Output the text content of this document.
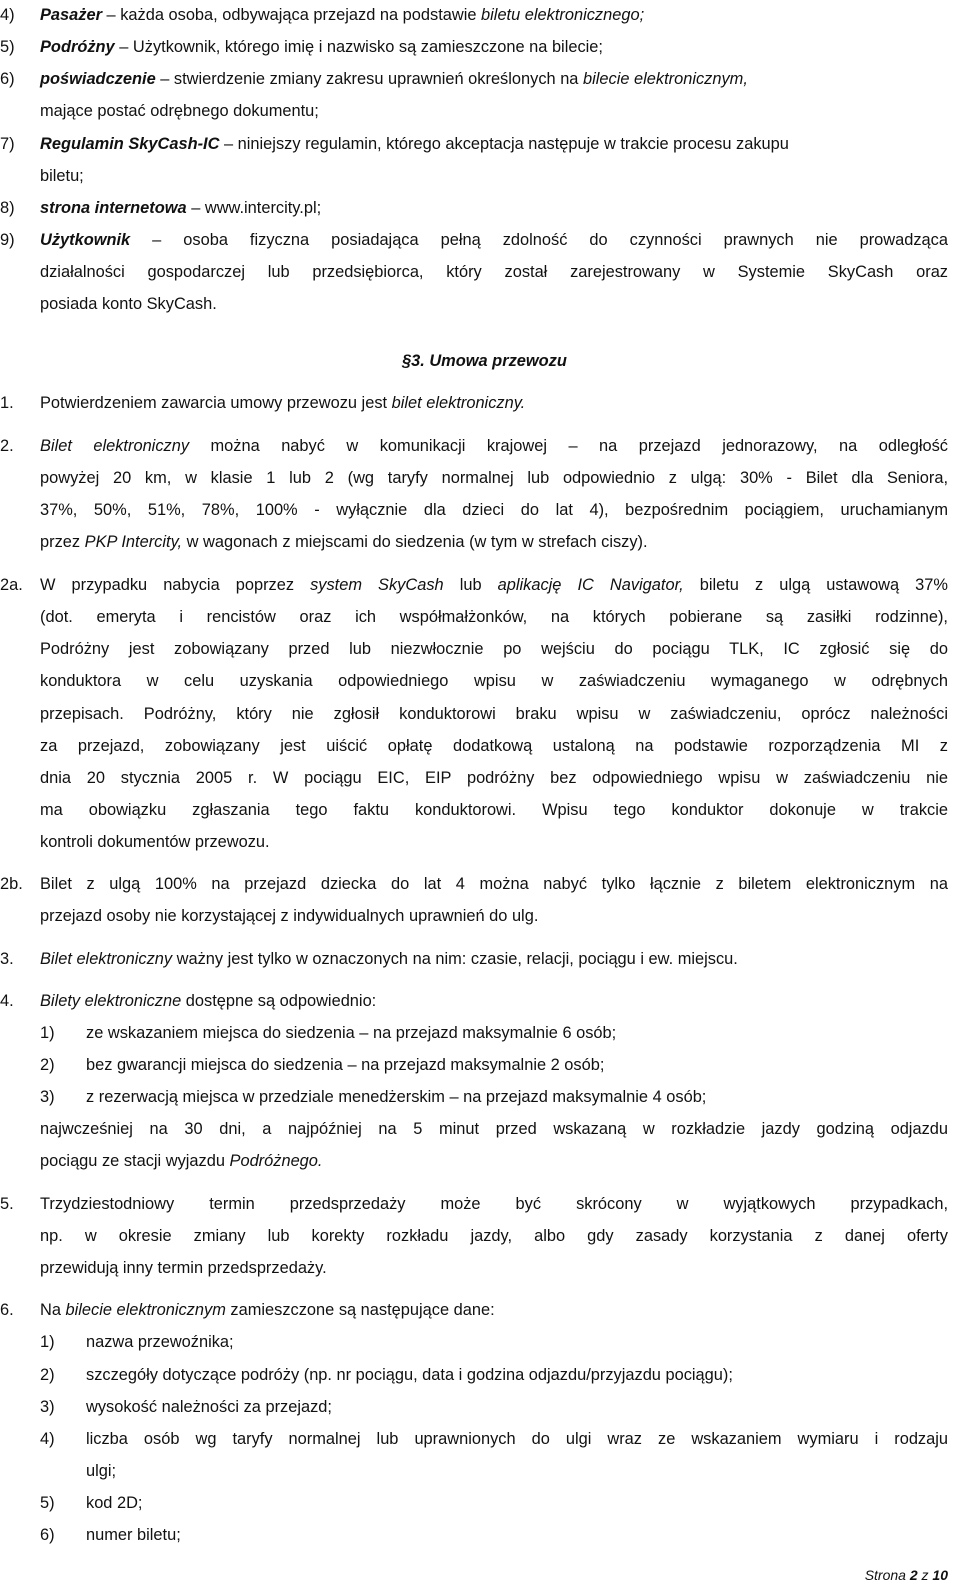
4) Pasażer – każda osoba, odbywająca przejazd na podstawie biletu elektronicznego;
5) Podróżny – Użytkownik, którego imię i nazwisko są zamieszczone na bilecie;
6) poświadczenie – stwierdzenie zmiany zakresu uprawnień określonych na bilecie elektronicznym,
mające postać odrębnego dokumentu;
7) Regulamin SkyCash-IC – niniejszy regulamin, którego akceptacja następuje w trakcie procesu zakupu
biletu;
8) strona internetowa – www.intercity.pl;
9) Użytkownik – osoba fizyczna posiadająca pełną zdolność do czynności prawnych nie prowadząca
działalności gospodarczej lub przedsiębiorca, który został zarejestrowany w Systemie SkyCash oraz
posiada konto SkyCash.
§3. Umowa przewozu
1. Potwierdzeniem zawarcia umowy przewozu jest bilet elektroniczny.
2. Bilet elektroniczny można nabyć w komunikacji krajowej – na przejazd jednorazowy, na odległość
powyżej 20 km, w klasie 1 lub 2 (wg taryfy normalnej lub odpowiednio z ulgą: 30% - Bilet dla Seniora,
37%, 50%, 51%, 78%, 100% - wyłącznie dla dzieci do lat 4), bezpośrednim pociągiem, uruchamianym
przez PKP Intercity, w wagonach z miejscami do siedzenia (w tym w strefach ciszy).
2a. W przypadku nabycia poprzez system SkyCash lub aplikację IC Navigator, biletu z ulgą ustawową 37%
(dot. emeryta i rencistów oraz ich współmałżonków, na których pobierane są zasiłki rodzinne),
Podróżny jest zobowiązany przed lub niezwłocznie po wejściu do pociągu TLK, IC zgłosić się do
konduktora w celu uzyskania odpowiedniego wpisu w zaświadczeniu wymaganego w odrębnych
przepisach. Podróżny, który nie zgłosił konduktorowi braku wpisu w zaświadczeniu, oprócz należności
za przejazd, zobowiązany jest uiścić opłatę dodatkową ustaloną na podstawie rozporządzenia MI z
dnia 20 stycznia 2005 r. W pociągu EIC, EIP podróżny bez odpowiedniego wpisu w zaświadczeniu nie
ma obowiązku zgłaszania tego faktu konduktorowi. Wpisu tego konduktor dokonuje w trakcie
kontroli dokumentów przewozu.
2b. Bilet z ulgą 100% na przejazd dziecka do lat 4 można nabyć tylko łącznie z biletem elektronicznym na
przejazd osoby nie korzystającej z indywidualnych uprawnień do ulg.
3. Bilet elektroniczny ważny jest tylko w oznaczonych na nim: czasie, relacji, pociągu i ew. miejscu.
4. Bilety elektroniczne dostępne są odpowiednio:
1) ze wskazaniem miejsca do siedzenia – na przejazd maksymalnie 6 osób;
2) bez gwarancji miejsca do siedzenia – na przejazd maksymalnie 2 osób;
3) z rezerwacją miejsca w przedziale menedżerskim – na przejazd maksymalnie 4 osób;
najwcześniej na 30 dni, a najpóźniej na 5 minut przed wskazaną w rozkładzie jazdy godziną odjazdu
pociągu ze stacji wyjazdu Podróżnego.
5. Trzydziestodniowy termin przedsprzedaży może być skrócony w wyjątkowych przypadkach,
np. w okresie zmiany lub korekty rozkładu jazdy, albo gdy zasady korzystania z danej oferty
przewidują inny termin przedsprzedaży.
6. Na bilecie elektronicznym zamieszczone są następujące dane:
1) nazwa przewoźnika;
2) szczegóły dotyczące podróży (np. nr pociągu, data i godzina odjazdu/przyjazdu pociągu);
3) wysokość należności za przejazd;
4) liczba osób wg taryfy normalnej lub uprawnionych do ulgi wraz ze wskazaniem wymiaru i rodzaju
ulgi;
5) kod 2D;
6) numer biletu;
Strona 2 z 10
